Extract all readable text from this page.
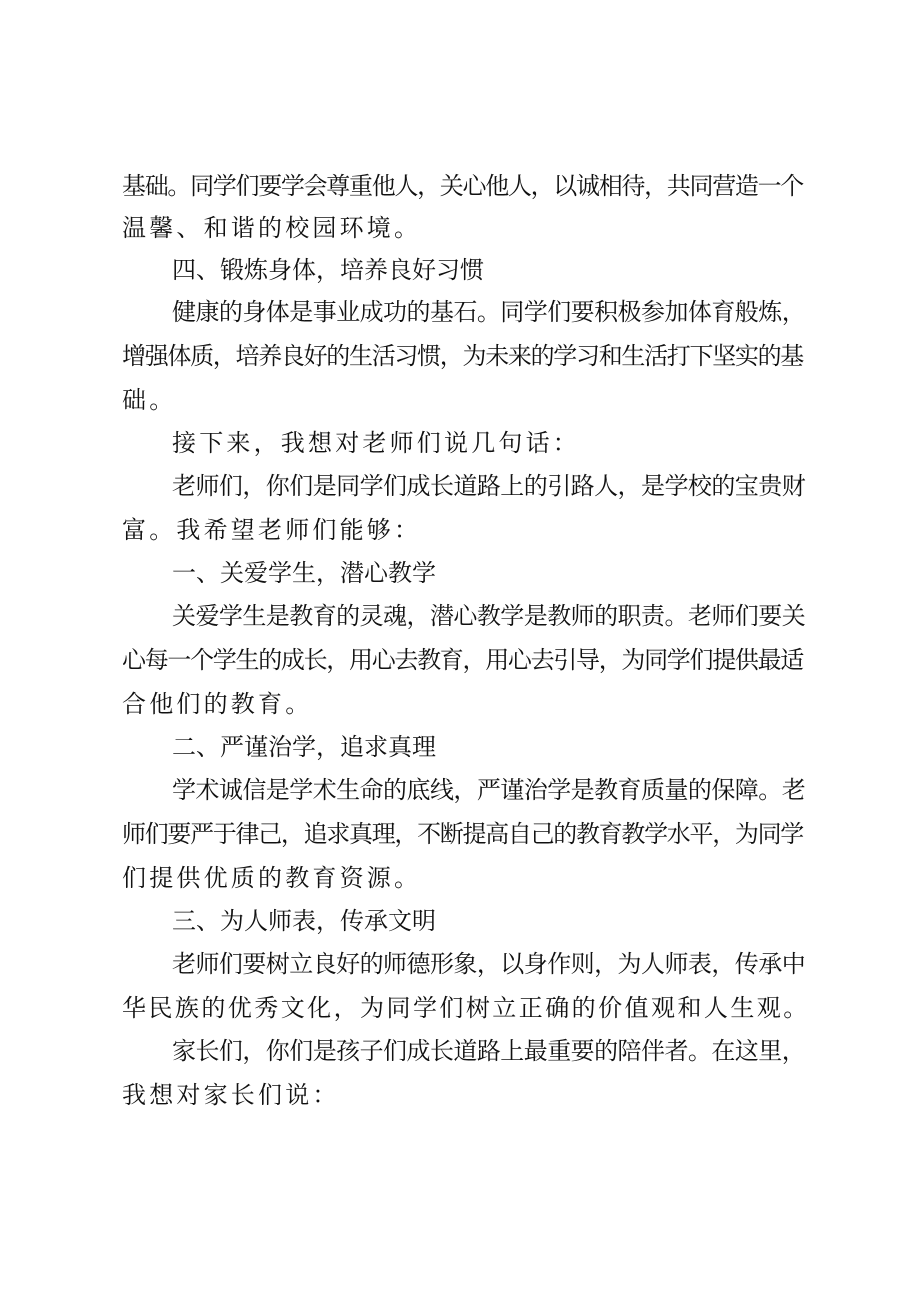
基础。同学们要学会尊重他人，关心他人，以诚相待，共同营造一个
温馨、和谐的校园环境。
四、锻炼身体，培养良好习惯
健康的身体是事业成功的基石。同学们要积极参加体育般炼，
增强体质，培养良好的生活习惯，为未来的学习和生活打下坚实的基
础。
接下来，我想对老师们说几句话：
老师们，你们是同学们成长道路上的引路人，是学校的宝贵财
富。我希望老师们能够：
一、关爱学生，潜心教学
关爱学生是教育的灵魂，潜心教学是教师的职责。老师们要关
心每一个学生的成长，用心去教育，用心去引导，为同学们提供最适
合他们的教育。
二、严谨治学，追求真理
学术诚信是学术生命的底线，严谨治学是教育质量的保障。老
师们要严于律己，追求真理，不断提高自己的教育教学水平，为同学
们提供优质的教育资源。
三、为人师表，传承文明
老师们要树立良好的师德形象，以身作则，为人师表，传承中
华民族的优秀文化，为同学们树立正确的价值观和人生观。
家长们，你们是孩子们成长道路上最重要的陪伴者。在这里，
我想对家长们说：
